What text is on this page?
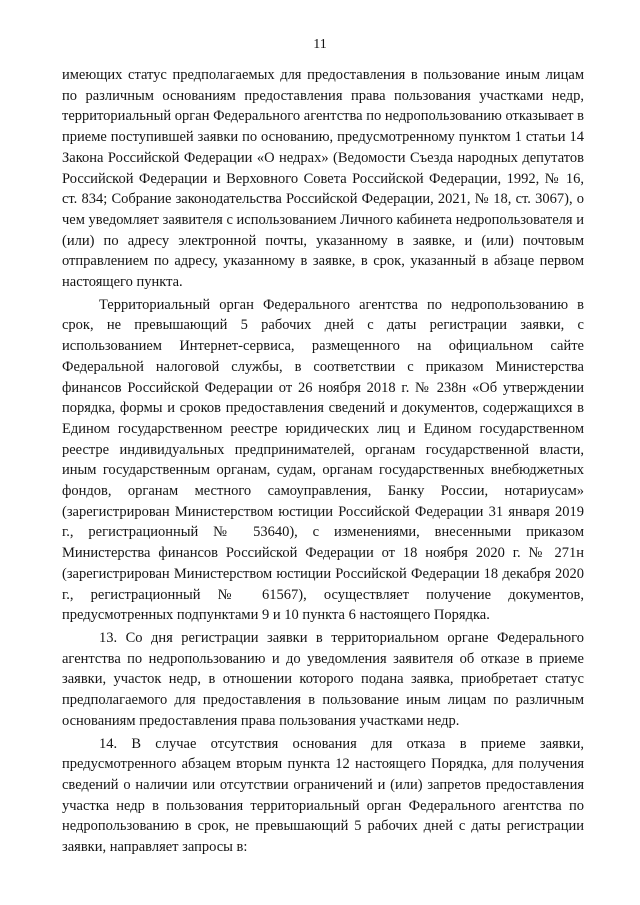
11

имеющих статус предполагаемых для предоставления в пользование иным лицам по различным основаниям предоставления права пользования участками недр, территориальный орган Федерального агентства по недропользованию отказывает в приеме поступившей заявки по основанию, предусмотренному пунктом 1 статьи 14 Закона Российской Федерации «О недрах» (Ведомости Съезда народных депутатов Российской Федерации и Верховного Совета Российской Федерации, 1992, № 16, ст. 834; Собрание законодательства Российской Федерации, 2021, № 18, ст. 3067), о чем уведомляет заявителя с использованием Личного кабинета недропользователя и (или) по адресу электронной почты, указанному в заявке, и (или) почтовым отправлением по адресу, указанному в заявке, в срок, указанный в абзаце первом настоящего пункта.

Территориальный орган Федерального агентства по недропользованию в срок, не превышающий 5 рабочих дней с даты регистрации заявки, с использованием Интернет-сервиса, размещенного на официальном сайте Федеральной налоговой службы, в соответствии с приказом Министерства финансов Российской Федерации от 26 ноября 2018 г. № 238н «Об утверждении порядка, формы и сроков предоставления сведений и документов, содержащихся в Едином государственном реестре юридических лиц и Едином государственном реестре индивидуальных предпринимателей, органам государственной власти, иным государственным органам, судам, органам государственных внебюджетных фондов, органам местного самоуправления, Банку России, нотариусам» (зарегистрирован Министерством юстиции Российской Федерации 31 января 2019 г., регистрационный № 53640), с изменениями, внесенными приказом Министерства финансов Российской Федерации от 18 ноября 2020 г. № 271н (зарегистрирован Министерством юстиции Российской Федерации 18 декабря 2020 г., регистрационный № 61567), осуществляет получение документов, предусмотренных подпунктами 9 и 10 пункта 6 настоящего Порядка.

13. Со дня регистрации заявки в территориальном органе Федерального агентства по недропользованию и до уведомления заявителя об отказе в приеме заявки, участок недр, в отношении которого подана заявка, приобретает статус предполагаемого для предоставления в пользование иным лицам по различным основаниям предоставления права пользования участками недр.

14. В случае отсутствия основания для отказа в приеме заявки, предусмотренного абзацем вторым пункта 12 настоящего Порядка, для получения сведений о наличии или отсутствии ограничений и (или) запретов предоставления участка недр в пользования территориальный орган Федерального агентства по недропользованию в срок, не превышающий 5 рабочих дней с даты регистрации заявки, направляет запросы в:
